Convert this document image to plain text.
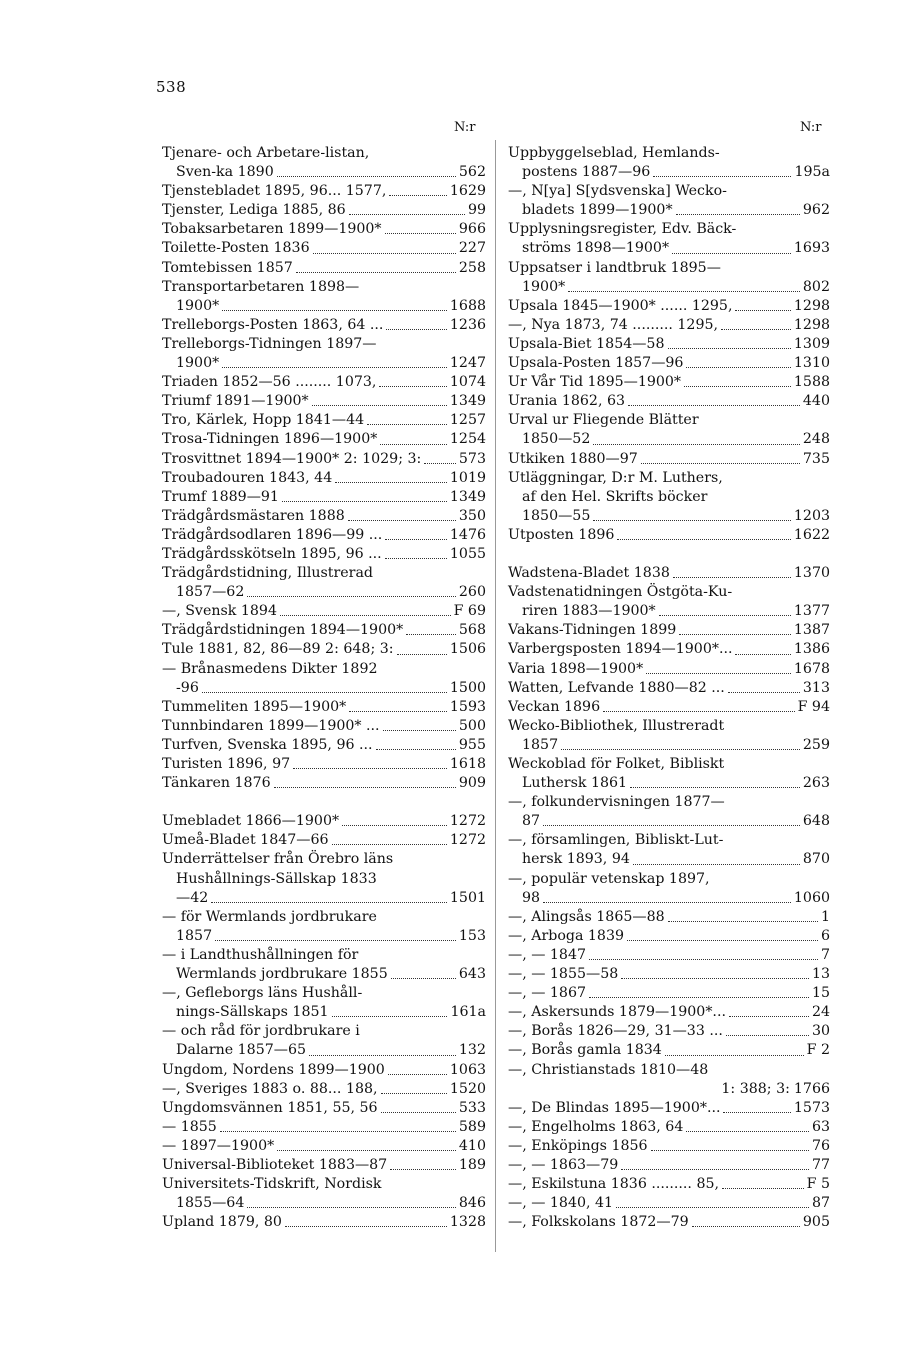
538
N:r	N:r
Tjenare- och Arbetare-listan,
Sven-ka 1890	562
Tjenstebladet 1895, 96... 1577,	1629
Tjenster, Lediga 1885, 86	99
Tobaksarbetaren 1899—1900*	966
Toilette-Posten 1836	227
Tomtebissen 1857	258
Transportarbetaren 1898—
1900*	1688
Trelleborgs-Posten 1863, 64 ...	1236
Trelleborgs-Tidningen 1897—
1900*	1247
Triaden 1852—56 ........ 1073,	1074
Triumf 1891—1900*	1349
Tro, Kärlek, Hopp 1841—44	1257
Trosa-Tidningen 1896—1900*	1254
Trosvittnet 1894—1900* 2: 1029; 3:	573
Troubadouren 1843, 44	1019
Trumf 1889—91	1349
Trädgårdsmästaren 1888	350
Trädgårdsodlaren 1896—99 ...	1476
Trädgårdsskötseln 1895, 96 ...	1055
Trädgårdstidning, Illustrerad
1857—62	260
—, Svensk 1894	F 69
Trädgårdstidningen 1894—1900*	568
Tule 1881, 82, 86—89 2: 648; 3:	1506
— Brånasmedens Dikter 1892
-96	1500
Tummeliten 1895—1900*	1593
Tunnbindaren 1899—1900* ...	500
Turfven, Svenska 1895, 96 ...	955
Turisten 1896, 97	1618
Tänkaren 1876	909
Umebladet 1866—1900*	1272
Umeå-Bladet 1847—66	1272
Underrättelser från Örebro läns
Hushållnings-Sällskap 1833
—42	1501
— för Wermlands jordbrukare
1857	153
— i Landthushållningen för
Wermlands jordbrukare 1855	643
—, Gefleborgs läns Hushåll-
nings-Sällskaps 1851	161a
— och råd för jordbrukare i
Dalarne 1857—65	132
Ungdom, Nordens 1899—1900	1063
—, Sveriges 1883 o. 88... 188,	1520
Ungdomsvännen 1851, 55, 56	533
— 1855	589
— 1897—1900*	410
Universal-Biblioteket 1883—87	189
Universitets-Tidskrift, Nordisk
1855—64	846
Upland 1879, 80	1328
Uppbyggelseblad, Hemlands-
postens 1887—96	195a
—, N[ya] S[ydsvenska] Wecko-
bladets 1899—1900*	962
Upplysningsregister, Edv. Bäck-
ströms 1898—1900*	1693
Uppsatser i landtbruk 1895—
1900*	802
Upsala 1845—1900* ...... 1295,	1298
—, Nya 1873, 74 ......... 1295,	1298
Upsala-Biet 1854—58	1309
Upsala-Posten 1857—96	1310
Ur Vår Tid 1895—1900*	1588
Urania 1862, 63	440
Urval ur Fliegende Blätter
1850—52	248
Utkiken 1880—97	735
Utläggningar, D:r M. Luthers,
af den Hel. Skrifts böcker
1850—55	1203
Utposten 1896	1622
Wadstena-Bladet 1838	1370
Vadstenatidningen Östgöta-Ku-
riren 1883—1900*	1377
Vakans-Tidningen 1899	1387
Varbergsposten 1894—1900*...	1386
Varia 1898—1900*	1678
Watten, Lefvande 1880—82 ...	313
Veckan 1896	F 94
Wecko-Bibliothek, Illustreradt
1857	259
Weckoblad för Folket, Bibliskt
Luthersk 1861	263
—, folkundervisningen 1877—
87	648
—, församlingen, Bibliskt-Lut-
hersk 1893, 94	870
—, populär vetenskap 1897,
98	1060
—, Alingsås 1865—88	1
—, Arboga 1839	6
—, — 1847	7
—, — 1855—58	13
—, — 1867	15
—, Askersunds 1879—1900*...	24
—, Borås 1826—29, 31—33 ...	30
—, Borås gamla 1834	F 2
—, Christianstads 1810—48
1: 388; 3: 1766
—, De Blindas 1895—1900*...	1573
—, Engelholms 1863, 64	63
—, Enköpings 1856	76
—, — 1863—79	77
—, Eskilstuna 1836 ......... 85,	F 5
—, — 1840, 41	87
—, Folkskolans 1872—79	905
